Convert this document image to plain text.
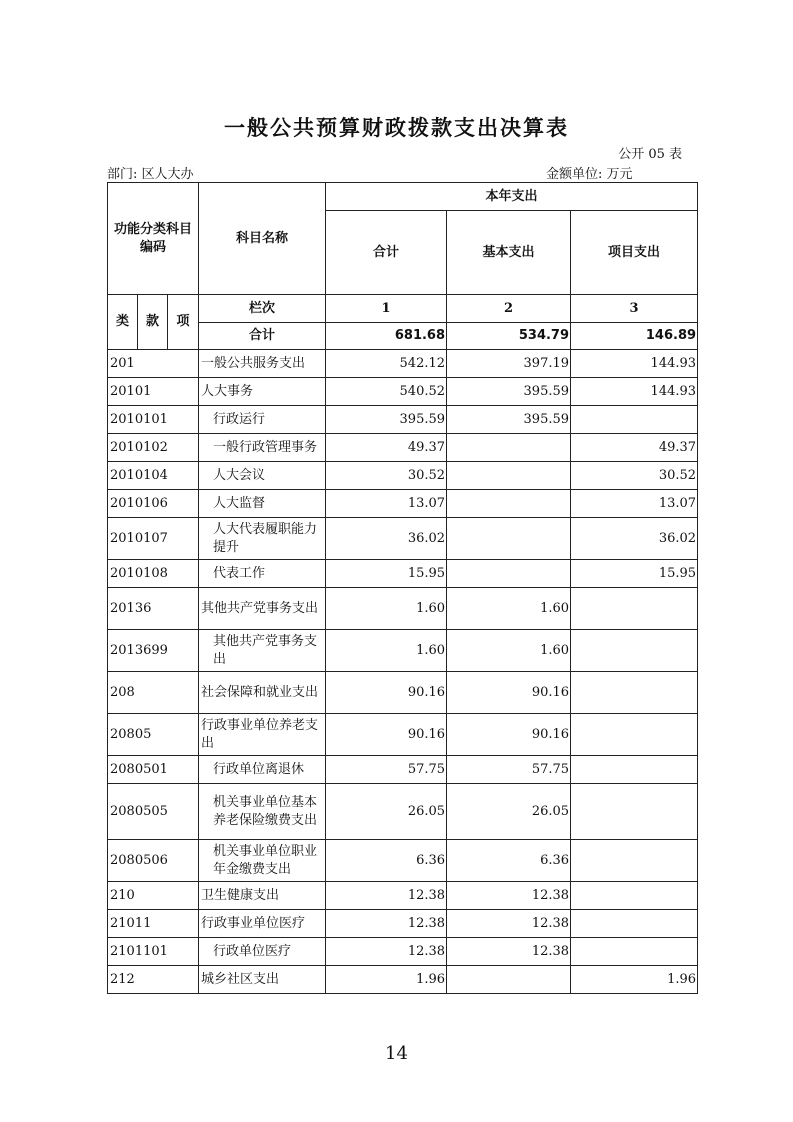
一般公共预算财政拨款支出决算表
公开 05 表
部门: 区人大办	金额单位: 万元
功能分类科目编码			科目名称	本年支出		
				合计	基本支出	项目支出
类	款	项	栏次	1	2	3
			合计	681.68	534.79	146.89
201			一般公共服务支出	542.12	397.19	144.93
20101			人大事务	540.52	395.59	144.93
2010101			行政运行	395.59	395.59	
2010102			一般行政管理事务	49.37		49.37
2010104			人大会议	30.52		30.52
2010106			人大监督	13.07		13.07
2010107			人大代表履职能力提升	36.02		36.02
2010108			代表工作	15.95		15.95
20136			其他共产党事务支出	1.60	1.60	
2013699			其他共产党事务支出	1.60	1.60	
208			社会保障和就业支出	90.16	90.16	
20805			行政事业单位养老支出	90.16	90.16	
2080501			行政单位离退休	57.75	57.75	
2080505			机关事业单位基本养老保险缴费支出	26.05	26.05	
2080506			机关事业单位职业年金缴费支出	6.36	6.36	
210			卫生健康支出	12.38	12.38	
21011			行政事业单位医疗	12.38	12.38	
2101101			行政单位医疗	12.38	12.38	
212			城乡社区支出	1.96		1.96
14
